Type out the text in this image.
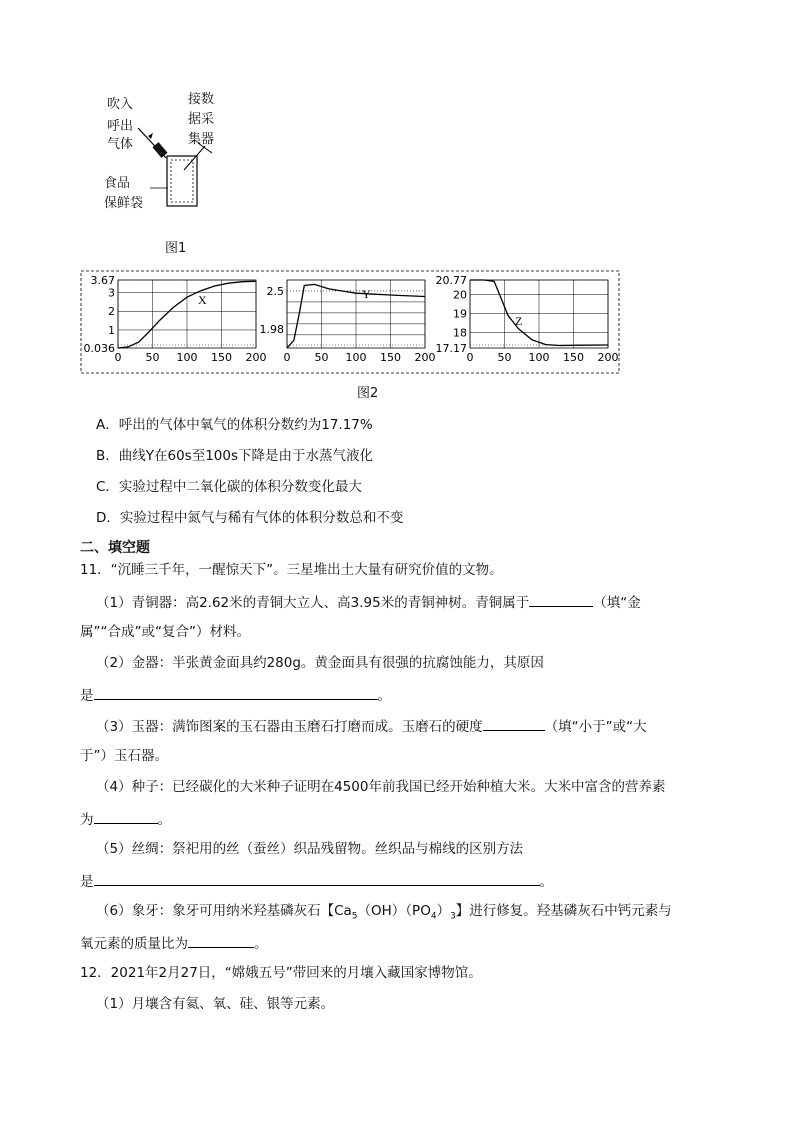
吹入
呼出
气体
接数
据采
集器
食品
保鲜袋
图1
0 50 100 150 200
0.036
1
2
3
3.67
X
0 50 100 150 200
1.98
2.5	Y
0 50 100 150 200
17.17
18
19
20
20.77
Z
图2
A．呼出的气体中氧气的体积分数约为17.17%
B．曲线Y在60s至100s下降是由于水蒸气液化
C．实验过程中二氧化碳的体积分数变化最大
D．实验过程中氮气与稀有气体的体积分数总和不变
二、填空题
11．“沉睡三千年，一醒惊天下”。三星堆出土大量有研究价值的文物。
（1）青铜器：高2.62米的青铜大立人、高3.95米的青铜神树。青铜属于	（填“金
属”“合成”或“复合”）材料。
（2）金器：半张黄金面具约280g。黄金面具有很强的抗腐蚀能力，其原因
是	。
（3）玉器：满饰图案的玉石器由玉磨石打磨而成。玉磨石的硬度	（填“小于”或“大
于”）玉石器。
（4）种子：已经碳化的大米种子证明在4500年前我国已经开始种植大米。大米中富含的营养素
为	。
（5）丝绸：祭祀用的丝（蚕丝）织品残留物。丝织品与棉线的区别方法
是	。
（6）象牙：象牙可用纳米羟基磷灰石【$Ca_5(OH)(PO_4)_3$】进行修复。羟基磷灰石中钙元素与
氧元素的质量比为	。
12．2021年2月27日，“嫦娥五号”带回来的月壤入藏国家博物馆。
（1）月壤含有氦、氧、硅、银等元素。
